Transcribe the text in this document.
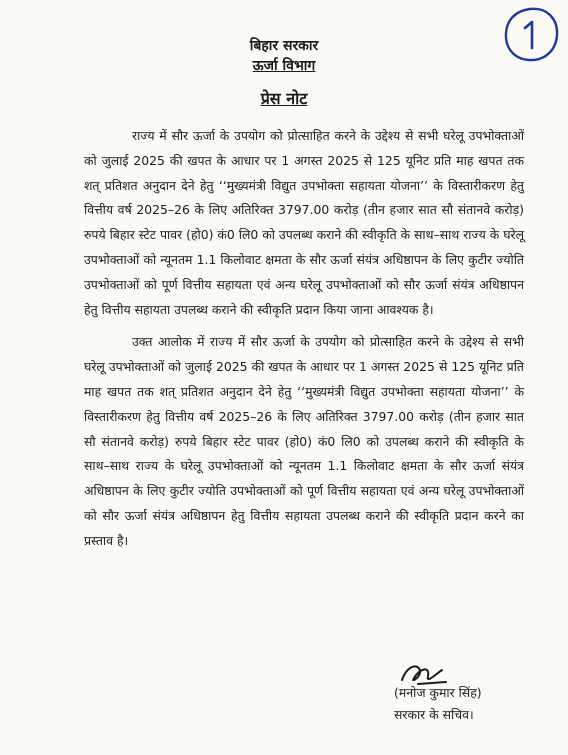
बिहार सरकार
ऊर्जा विभाग
प्रेस नोट

राज्य में सौर ऊर्जा के उपयोग को प्रोत्साहित करने के उद्देश्य से सभी घरेलू उपभोक्ताओं को जुलाई 2025 की खपत के आधार पर 1 अगस्त 2025 से 125 यूनिट प्रति माह खपत तक शत् प्रतिशत अनुदान देने हेतु ‘‘मुख्यमंत्री विद्युत उपभोक्ता सहायता योजना’’ के विस्तारीकरण हेतु वित्तीय वर्ष 2025–26 के लिए अतिरिक्त 3797.00 करोड़ (तीन हजार सात सौ संतानवे करोड़) रुपये बिहार स्टेट पावर (हो0) कं0 लि0 को उपलब्ध कराने की स्वीकृति के साथ–साथ राज्य के घरेलू उपभोक्ताओं को न्यूनतम 1.1 किलोवाट क्षमता के सौर ऊर्जा संयंत्र अधिष्ठापन के लिए कुटीर ज्योति उपभोक्ताओं को पूर्ण वित्तीय सहायता एवं अन्य घरेलू उपभोक्ताओं को सौर ऊर्जा संयंत्र अधिष्ठापन हेतु वित्तीय सहायता उपलब्ध कराने की स्वीकृति प्रदान किया जाना आवश्यक है।

उक्त आलोक में राज्य में सौर ऊर्जा के उपयोग को प्रोत्साहित करने के उद्देश्य से सभी घरेलू उपभोक्ताओं को जुलाई 2025 की खपत के आधार पर 1 अगस्त 2025 से 125 यूनिट प्रति माह खपत तक शत् प्रतिशत अनुदान देने हेतु ‘‘मुख्यमंत्री विद्युत उपभोक्ता सहायता योजना’’ के विस्तारीकरण हेतु वित्तीय वर्ष 2025–26 के लिए अतिरिक्त 3797.00 करोड़ (तीन हजार सात सौ संतानवे करोड़) रुपये बिहार स्टेट पावर (हो0) कं0 लि0 को उपलब्ध कराने की स्वीकृति के साथ–साथ राज्य के घरेलू उपभोक्ताओं को न्यूनतम 1.1 किलोवाट क्षमता के सौर ऊर्जा संयंत्र अधिष्ठापन के लिए कुटीर ज्योति उपभोक्ताओं को पूर्ण वित्तीय सहायता एवं अन्य घरेलू उपभोक्ताओं को सौर ऊर्जा संयंत्र अधिष्ठापन हेतु वित्तीय सहायता उपलब्ध कराने की स्वीकृति प्रदान करने का प्रस्ताव है।

(मनोज कुमार सिंह)
सरकार के सचिव।
